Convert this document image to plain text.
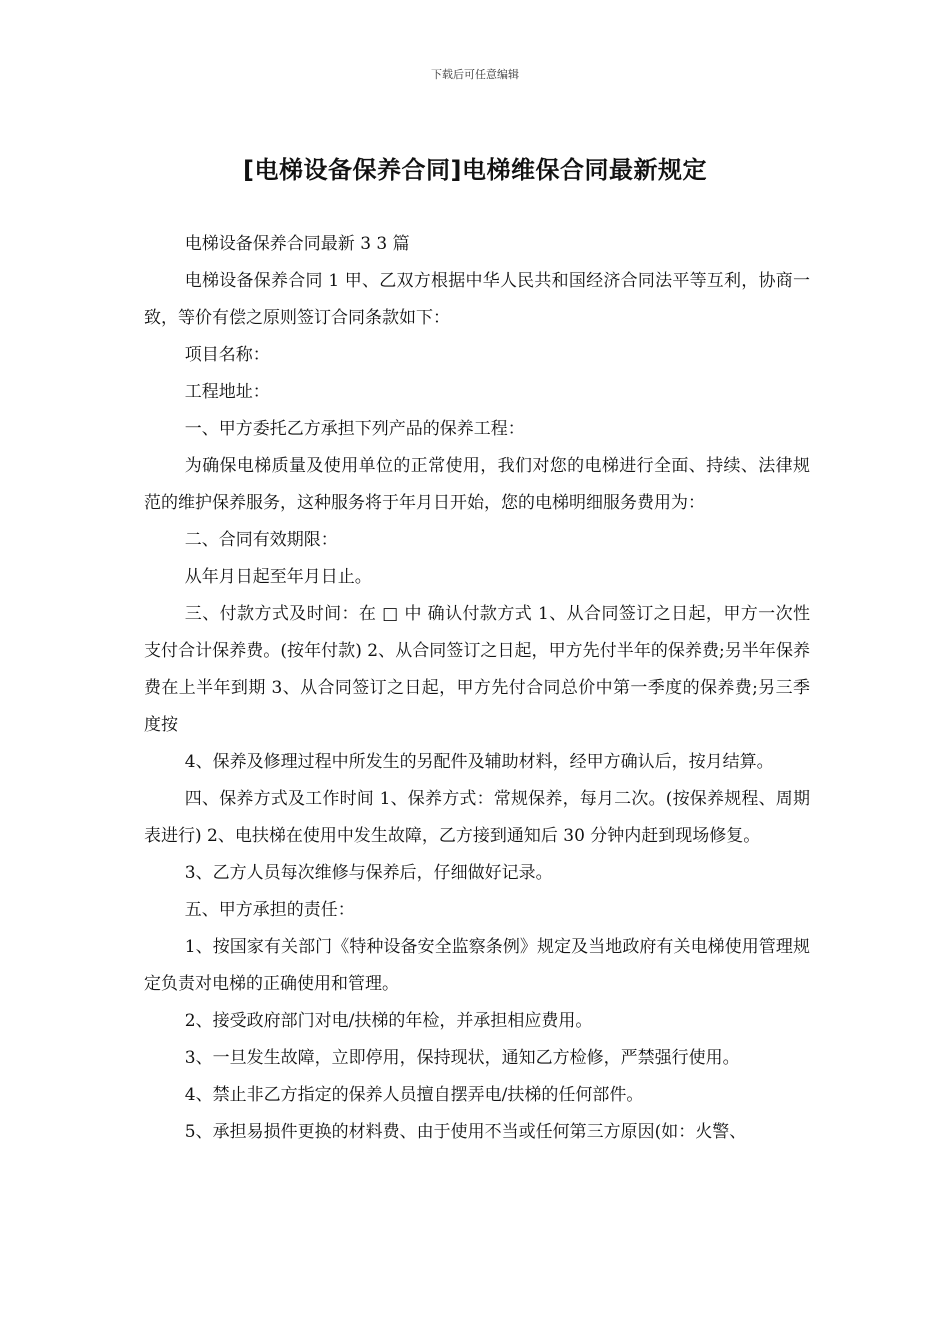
下载后可任意编辑
[电梯设备保养合同]电梯维保合同最新规定

电梯设备保养合同最新 3 3 篇

电梯设备保养合同 1 甲、乙双方根据中华人民共和国经济合同法平等互利，协商一致，等价有偿之原则签订合同条款如下：

项目名称：

工程地址：

一、甲方委托乙方承担下列产品的保养工程：

为确保电梯质量及使用单位的正常使用，我们对您的电梯进行全面、持续、法律规范的维护保养服务，这种服务将于年月日开始，您的电梯明细服务费用为：

二、合同有效期限：

从年月日起至年月日止。

三、付款方式及时间：在 □ 中 确认付款方式 1、从合同签订之日起，甲方一次性支付合计保养费。(按年付款) 2、从合同签订之日起，甲方先付半年的保养费;另半年保养费在上半年到期 3、从合同签订之日起，甲方先付合同总价中第一季度的保养费;另三季度按

4、保养及修理过程中所发生的另配件及辅助材料，经甲方确认后，按月结算。

四、保养方式及工作时间 1、保养方式：常规保养，每月二次。(按保养规程、周期表进行) 2、电扶梯在使用中发生故障，乙方接到通知后 30 分钟内赶到现场修复。

3、乙方人员每次维修与保养后，仔细做好记录。

五、甲方承担的责任：

1、按国家有关部门《特种设备安全监察条例》规定及当地政府有关电梯使用管理规定负责对电梯的正确使用和管理。

2、接受政府部门对电/扶梯的年检，并承担相应费用。

3、一旦发生故障，立即停用，保持现状，通知乙方检修，严禁强行使用。

4、禁止非乙方指定的保养人员擅自摆弄电/扶梯的任何部件。

5、承担易损件更换的材料费、由于使用不当或任何第三方原因(如：火警、
